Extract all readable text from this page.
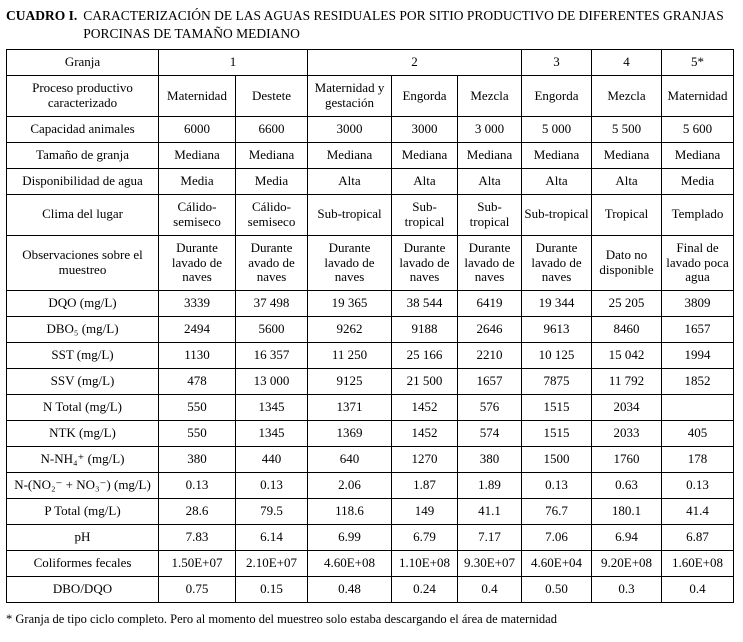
CUADRO I. CARACTERIZACIÓN DE LAS AGUAS RESIDUALES POR SITIO PRODUCTIVO DE DIFERENTES GRANJAS PORCINAS DE TAMAÑO MEDIANO
Granja	1		2			3	4	5*
Proceso productivo caracterizado	Maternidad	Destete	Maternidad y gestación	Engorda	Mezcla	Engorda	Mezcla	Maternidad
Capacidad animales	6000	6600	3000	3000	3 000	5 000	5 500	5 600
Tamaño de granja	Mediana	Mediana	Mediana	Mediana	Mediana	Mediana	Mediana	Mediana
Disponibilidad de agua	Media	Media	Alta	Alta	Alta	Alta	Alta	Media
Clima del lugar	Cálido-semiseco	Cálido-semiseco	Sub-tropical	Sub-tropical	Sub-tropical	Sub-tropical	Tropical	Templado
Observaciones sobre el muestreo	Durante lavado de naves	Durante avado de naves	Durante lavado de naves	Durante lavado de naves	Durante lavado de naves	Durante lavado de naves	Dato no disponible	Final de lavado poca agua
DQO (mg/L)	3339	37 498	19 365	38 544	6419	19 344	25 205	3809
DBO₅ (mg/L)	2494	5600	9262	9188	2646	9613	8460	1657
SST (mg/L)	1130	16 357	11 250	25 166	2210	10 125	15 042	1994
SSV (mg/L)	478	13 000	9125	21 500	1657	7875	11 792	1852
N Total (mg/L)	550	1345	1371	1452	576	1515	2034	
NTK (mg/L)	550	1345	1369	1452	574	1515	2033	405
N-NH₄⁺ (mg/L)	380	440	640	1270	380	1500	1760	178
N-(NO₂⁻ + NO₃⁻) (mg/L)	0.13	0.13	2.06	1.87	1.89	0.13	0.63	0.13
P Total (mg/L)	28.6	79.5	118.6	149	41.1	76.7	180.1	41.4
pH	7.83	6.14	6.99	6.79	7.17	7.06	6.94	6.87
Coliformes fecales	1.50E+07	2.10E+07	4.60E+08	1.10E+08	9.30E+07	4.60E+04	9.20E+08	1.60E+08
DBO/DQO	0.75	0.15	0.48	0.24	0.4	0.50	0.3	0.4
* Granja de tipo ciclo completo. Pero al momento del muestreo solo estaba descargando el área de maternidad
